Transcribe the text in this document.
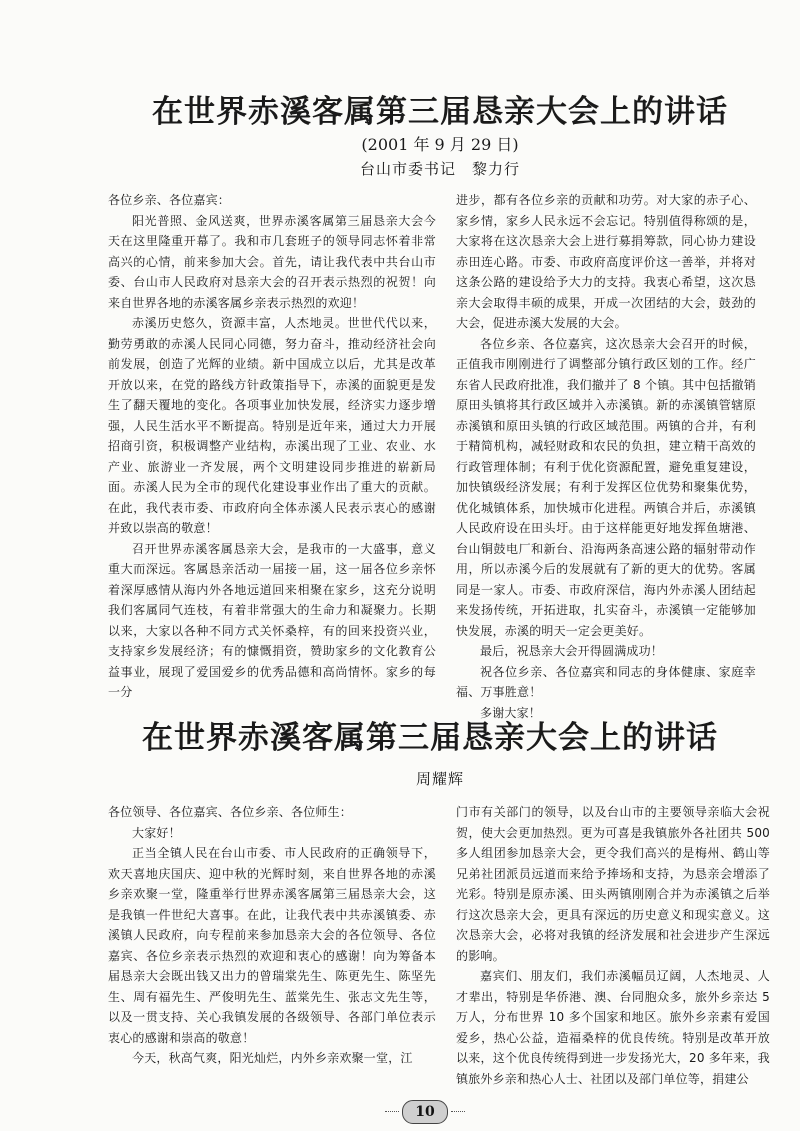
在世界赤溪客属第三届恳亲大会上的讲话

(2001 年 9 月 29 日)

台山市委书记　黎力行

各位乡亲、各位嘉宾：

阳光普照、金风送爽，世界赤溪客属第三届恳亲大会今天在这里隆重开幕了。我和市几套班子的领导同志怀着非常高兴的心情，前来参加大会。首先，请让我代表中共台山市委、台山市人民政府对恳亲大会的召开表示热烈的祝贺！向来自世界各地的赤溪客属乡亲表示热烈的欢迎！

赤溪历史悠久，资源丰富，人杰地灵。世世代代以来，勤劳勇敢的赤溪人民同心同德，努力奋斗，推动经济社会向前发展，创造了光辉的业绩。新中国成立以后，尤其是改革开放以来，在党的路线方针政策指导下，赤溪的面貌更是发生了翻天覆地的变化。各项事业加快发展，经济实力逐步增强，人民生活水平不断提高。特别是近年来，通过大力开展招商引资，积极调整产业结构，赤溪出现了工业、农业、水产业、旅游业一齐发展，两个文明建设同步推进的崭新局面。赤溪人民为全市的现代化建设事业作出了重大的贡献。在此，我代表市委、市政府向全体赤溪人民表示衷心的感谢并致以崇高的敬意！

召开世界赤溪客属恳亲大会，是我市的一大盛事，意义重大而深远。客属恳亲活动一届接一届，这一届各位乡亲怀着深厚感情从海内外各地远道回来相聚在家乡，这充分说明我们客属同气连枝，有着非常强大的生命力和凝聚力。长期以来，大家以各种不同方式关怀桑梓，有的回来投资兴业，支持家乡发展经济；有的慷慨捐资，赞助家乡的文化教育公益事业，展现了爱国爱乡的优秀品德和高尚情怀。家乡的每一分

进步，都有各位乡亲的贡献和功劳。对大家的赤子心、家乡情，家乡人民永远不会忘记。特别值得称颂的是，大家将在这次恳亲大会上进行募捐筹款，同心协力建设赤田连心路。市委、市政府高度评价这一善举，并将对这条公路的建设给予大力的支持。我衷心希望，这次恳亲大会取得丰硕的成果，开成一次团结的大会，鼓劲的大会，促进赤溪大发展的大会。

各位乡亲、各位嘉宾，这次恳亲大会召开的时候，正值我市刚刚进行了调整部分镇行政区划的工作。经广东省人民政府批准，我们撤并了 8 个镇。其中包括撤销原田头镇将其行政区域并入赤溪镇。新的赤溪镇管辖原赤溪镇和原田头镇的行政区域范围。两镇的合并，有利于精简机构，减轻财政和农民的负担，建立精干高效的行政管理体制；有利于优化资源配置，避免重复建设，加快镇级经济发展；有利于发挥区位优势和聚集优势，优化城镇体系，加快城市化进程。两镇合并后，赤溪镇人民政府设在田头圩。由于这样能更好地发挥鱼塘港、台山铜鼓电厂和新台、沿海两条高速公路的辐射带动作用，所以赤溪今后的发展就有了新的更大的优势。客属同是一家人。市委、市政府深信，海内外赤溪人团结起来发扬传统，开拓进取，扎实奋斗，赤溪镇一定能够加快发展，赤溪的明天一定会更美好。

最后，祝恳亲大会开得圆满成功！

祝各位乡亲、各位嘉宾和同志的身体健康、家庭幸福、万事胜意！

多谢大家！

在世界赤溪客属第三届恳亲大会上的讲话

周耀辉

各位领导、各位嘉宾、各位乡亲、各位师生：

大家好！

正当全镇人民在台山市委、市人民政府的正确领导下，欢天喜地庆国庆、迎中秋的光辉时刻，来自世界各地的赤溪乡亲欢聚一堂，隆重举行世界赤溪客属第三届恳亲大会，这是我镇一件世纪大喜事。在此，让我代表中共赤溪镇委、赤溪镇人民政府，向专程前来参加恳亲大会的各位领导、各位嘉宾、各位乡亲表示热烈的欢迎和衷心的感谢！向为筹备本届恳亲大会既出钱又出力的曾瑞棠先生、陈更先生、陈坚先生、周有福先生、严俊明先生、蓝棠先生、张志文先生等，以及一贯支持、关心我镇发展的各级领导、各部门单位表示衷心的感谢和崇高的敬意！

今天，秋高气爽，阳光灿烂，内外乡亲欢聚一堂，江

门市有关部门的领导，以及台山市的主要领导亲临大会祝贺，使大会更加热烈。更为可喜是我镇旅外各社团共 500 多人组团参加恳亲大会，更令我们高兴的是梅州、鹤山等兄弟社团派员远道而来给予捧场和支持，为恳亲会增添了光彩。特别是原赤溪、田头两镇刚刚合并为赤溪镇之后举行这次恳亲大会，更具有深远的历史意义和现实意义。这次恳亲大会，必将对我镇的经济发展和社会进步产生深远的影响。

嘉宾们、朋友们，我们赤溪幅员辽阔，人杰地灵、人才辈出，特别是华侨港、澳、台同胞众多，旅外乡亲达 5 万人，分布世界 10 多个国家和地区。旅外乡亲素有爱国爱乡，热心公益，造福桑梓的优良传统。特别是改革开放以来，这个优良传统得到进一步发扬光大，20 多年来，我镇旅外乡亲和热心人士、社团以及部门单位等，捐建公

10
